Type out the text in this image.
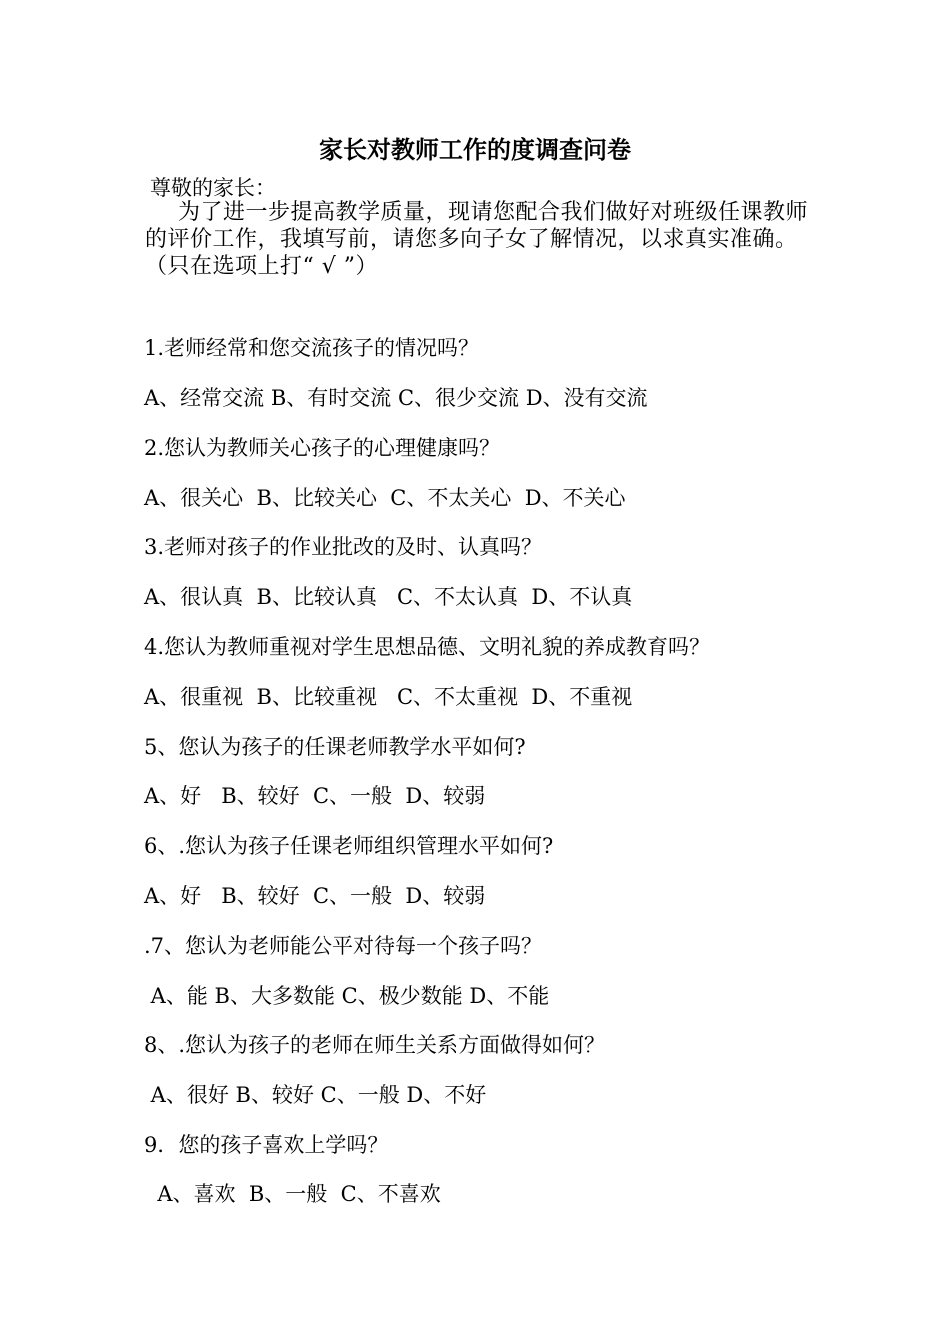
家长对教师工作的度调查问卷
尊敬的家长：
为了进一步提高教学质量，现请您配合我们做好对班级任课教师的评价工作，我填写前，请您多向子女了解情况，以求真实准确。（只在选项上打“ √ ”）
1.老师经常和您交流孩子的情况吗？
A、经常交流 B、有时交流 C、很少交流 D、没有交流
2.您认为教师关心孩子的心理健康吗？
A、很关心  B、比较关心  C、不太关心  D、不关心
3.老师对孩子的作业批改的及时、认真吗？
A、很认真  B、比较认真   C、不太认真  D、不认真
4.您认为教师重视对学生思想品德、文明礼貌的养成教育吗？
A、很重视  B、比较重视   C、不太重视  D、不重视
5、您认为孩子的任课老师教学水平如何?
A、好   B、较好  C、一般  D、较弱
6、.您认为孩子任课老师组织管理水平如何?
A、好   B、较好  C、一般  D、较弱
.7、您认为老师能公平对待每一个孩子吗？
A、能 B、大多数能 C、极少数能 D、不能
8、.您认为孩子的老师在师生关系方面做得如何？
A、很好 B、较好 C、一般 D、不好
9．您的孩子喜欢上学吗？
A、喜欢  B、一般  C、不喜欢
